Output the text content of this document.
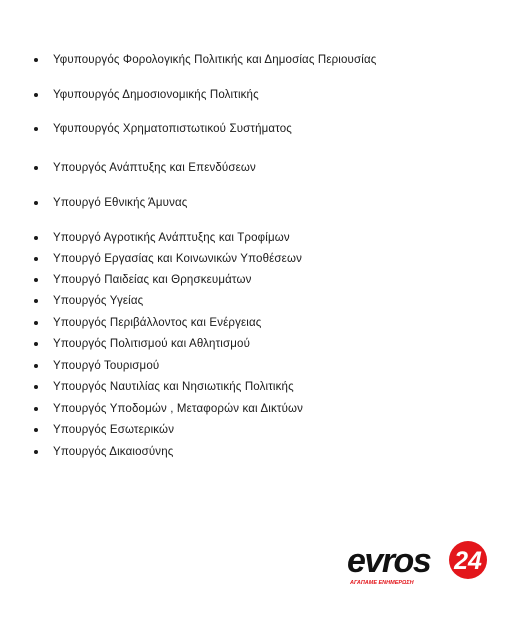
Υφυπουργός Φορολογικής Πολιτικής και Δημοσίας Περιουσίας
Υφυπουργός Δημοσιονομικής Πολιτικής
Υφυπουργός Χρηματοπιστωτικού Συστήματος
Υπουργός Ανάπτυξης και Επενδύσεων
Υπουργό Εθνικής Άμυνας
Υπουργό Αγροτικής Ανάπτυξης και Τροφίμων
Υπουργό Εργασίας και Κοινωνικών Υποθέσεων
Υπουργό Παιδείας και Θρησκευμάτων
Υπουργός Υγείας
Υπουργός Περιβάλλοντος και Ενέργειας
Υπουργός Πολιτισμού και Αθλητισμού
Υπουργό Τουρισμού
Υπουργός Ναυτιλίας και Νησιωτικής Πολιτικής
Υπουργός Υποδομών , Μεταφορών και Δικτύων
Υπουργός Εσωτερικών
Υπουργός Δικαιοσύνης
evros 24
ΑΓΑΠΑΜΕ ΕΝΗΜΕΡΩΣΗ
